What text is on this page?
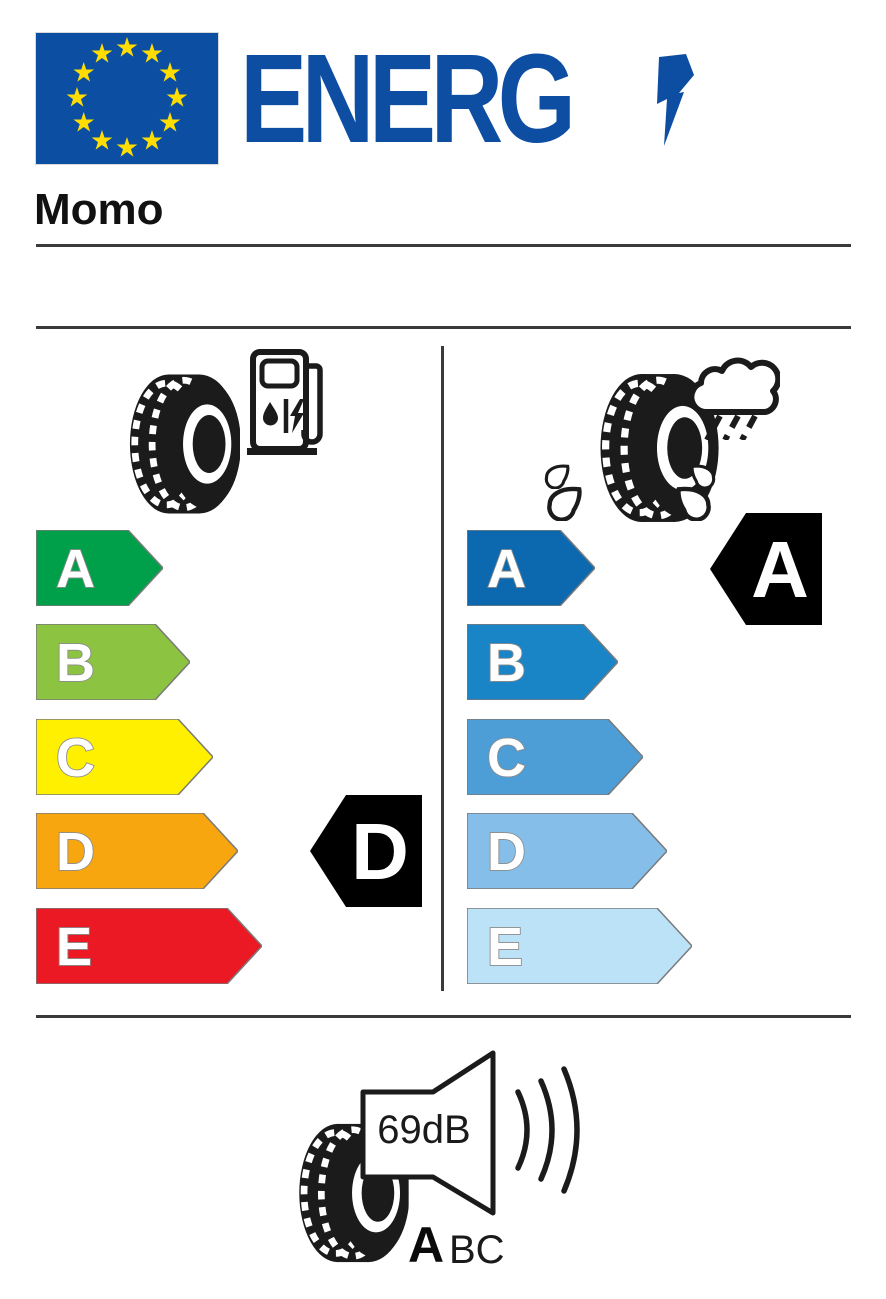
★ ★
★
★
★
★
★
★
★
★
★
★ ENERG
Momo
A
B
C
D
E
D
A
B
C
D
E
A
69dB
A BC
